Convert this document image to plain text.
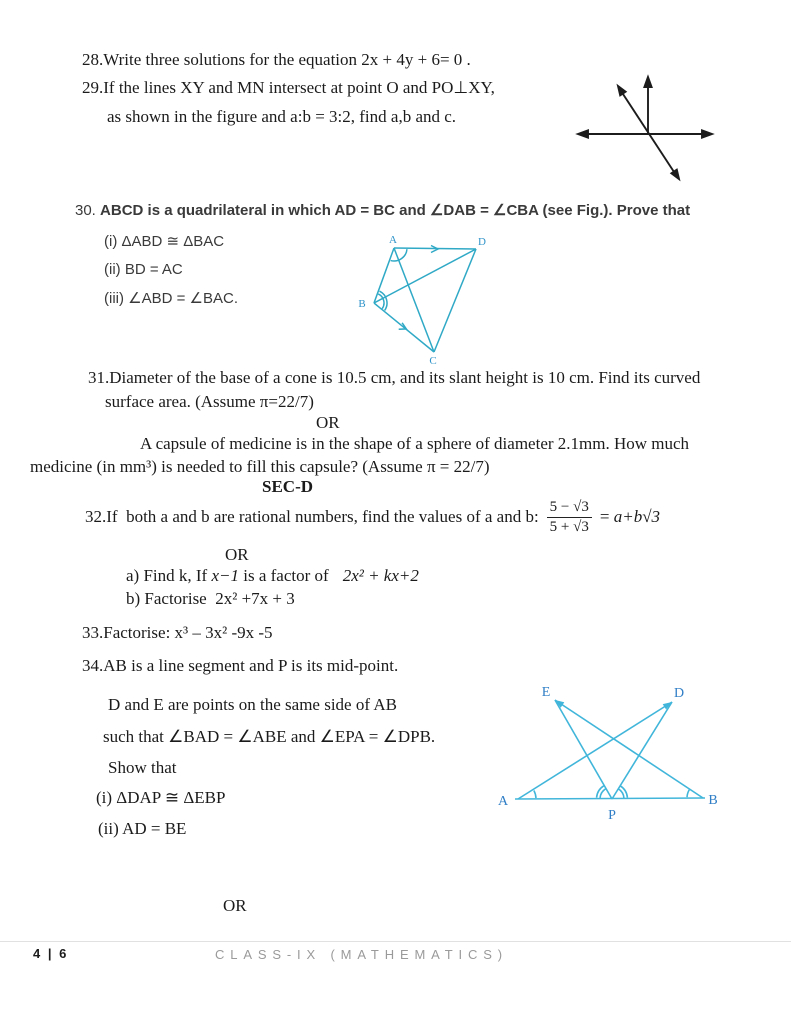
28.Write three solutions for the equation 2x + 4y + 6= 0 .
29.If the lines XY and MN intersect at point O and PO⊥XY,
as shown in the figure and a:b = 3:2, find a,b and c.
30. ABCD is a quadrilateral in which AD = BC and ∠DAB = ∠CBA (see Fig.). Prove that
(i) ΔABD ≅ ΔBAC
(ii) BD = AC
(iii) ∠ABD = ∠BAC.
A	D
B
C
31.Diameter of the base of a cone is 10.5 cm, and its slant height is 10 cm. Find its curved
surface area. (Assume π=22/7)
OR
A capsule of medicine is in the shape of a sphere of diameter 2.1mm. How much
medicine (in mm³) is needed to fill this capsule? (Assume π = 22/7)
SEC-D
32.If  both a and b are rational numbers, find the values of a and b: $\frac{5 - √3}{5 + √3} = a+b√3$
OR
a) Find k, If x−1 is a factor of 2x² + kx+2
b) Factorise  2x² +7x + 3
33.Factorise: x³ – 3x² -9x -5
34.AB is a line segment and P is its mid-point.
D and E are points on the same side of AB
such that ∠BAD = ∠ABE and ∠EPA = ∠DPB.
Show that
(i) ΔDAP ≅ ΔEBP
(ii) AD = BE
E	D
A	B
P
OR
4 | 6	CLASS-IX (MATHEMATICS)
